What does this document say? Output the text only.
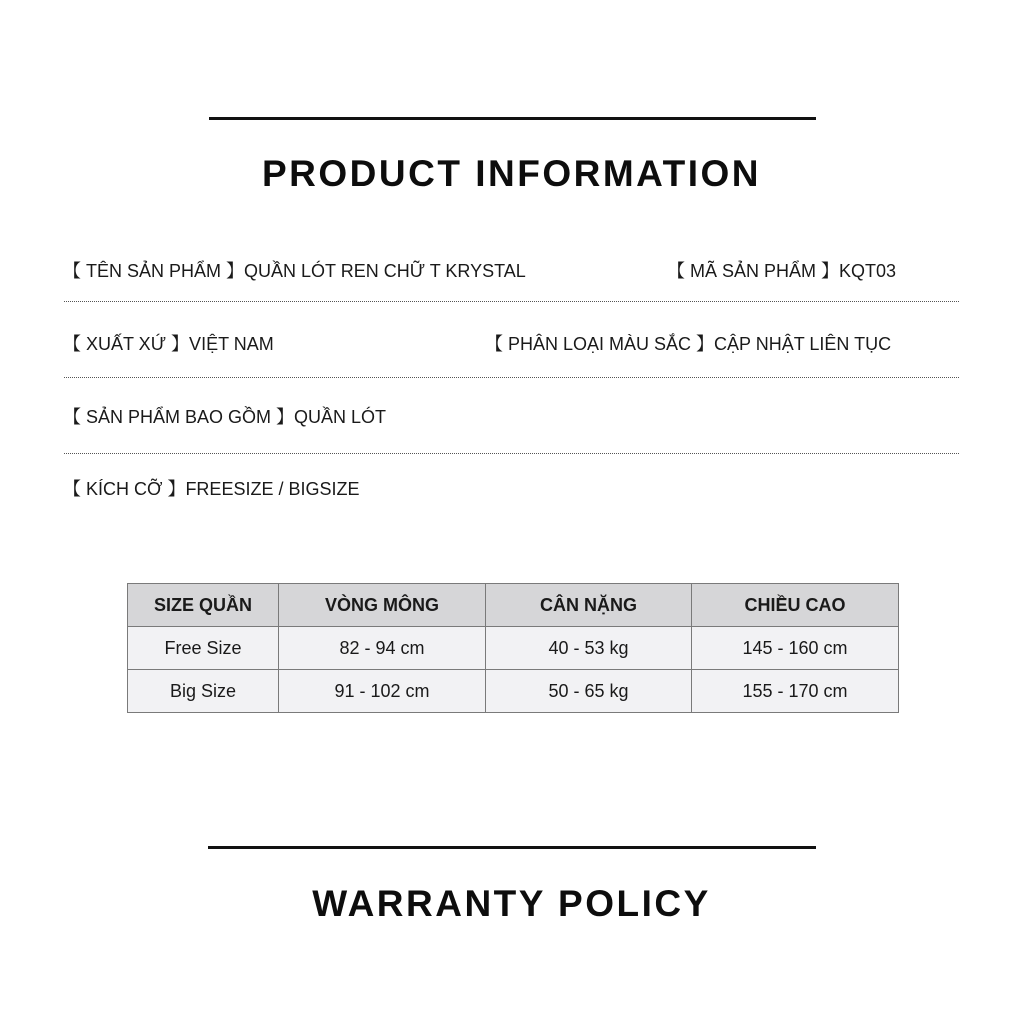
PRODUCT INFORMATION
【 TÊN SẢN PHẨM 】QUẦN LÓT REN CHỮ T KRYSTAL	【 MÃ SẢN PHẨM 】KQT03
【 XUẤT XỨ 】VIỆT NAM	【 PHÂN LOẠI MÀU SẮC 】CẬP NHẬT LIÊN TỤC
【 SẢN PHẨM BAO GỒM 】QUẦN LÓT
【 KÍCH CỠ 】FREESIZE / BIGSIZE
SIZE QUẦN	VÒNG MÔNG	CÂN NẶNG	CHIỀU CAO
Free Size	82 - 94 cm	40 - 53 kg	145 - 160 cm
Big Size	91 - 102 cm	50 - 65 kg	155 - 170 cm
WARRANTY POLICY
